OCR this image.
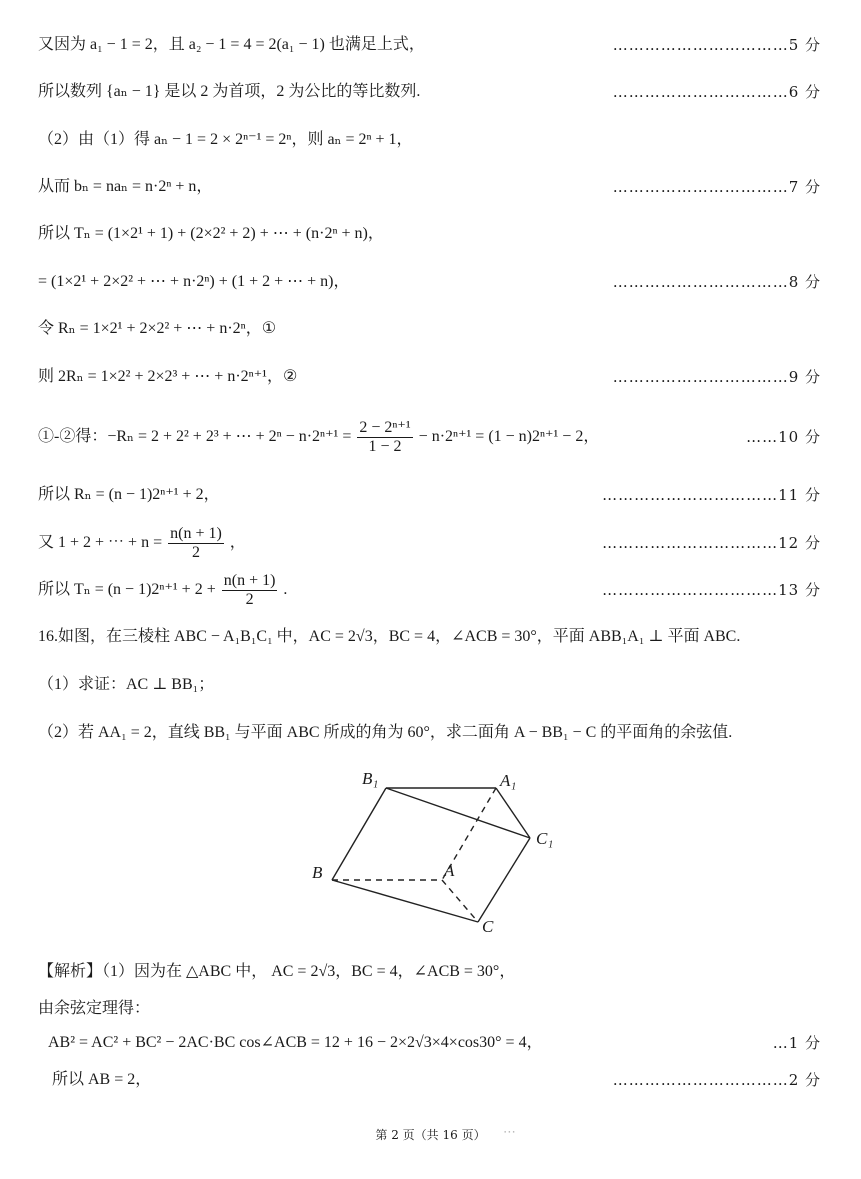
又因为 a₁ − 1 = 2，且 a₂ − 1 = 4 = 2(a₁ − 1) 也满足上式，	……………………………5 分
所以数列 {aₙ − 1} 是以 2 为首项，2 为公比的等比数列.	……………………………6 分
（2）由（1）得 aₙ − 1 = 2 × 2ⁿ⁻¹ = 2ⁿ，则 aₙ = 2ⁿ + 1，
从而 bₙ = naₙ = n·2ⁿ + n，	……………………………7 分
所以 Tₙ = (1×2¹ + 1) + (2×2² + 2) + ⋯ + (n·2ⁿ + n)，
= (1×2¹ + 2×2² + ⋯ + n·2ⁿ) + (1 + 2 + ⋯ + n)，	……………………………8 分
令 Rₙ = 1×2¹ + 2×2² + ⋯ + n·2ⁿ，①
则 2Rₙ = 1×2² + 2×2³ + ⋯ + n·2ⁿ⁺¹，②	……………………………9 分
①-②得：−Rₙ = 2 + 2² + 2³ + ⋯ + $2^n - n\cdot 2^{n+1} = \frac{\text{2 − 2ⁿ⁺¹}}{1 - 2} - n\cdot 2^{n+1} = (1 - n)2^{n+1} - 2$，	……10 分
所以 Rₙ = (n − 1)2ⁿ⁺¹ + 2，	……………………………11 分
又 1 + 2 + ⋯ + $n = \frac{n(n + 1)}{2}$ ，	……………………………12 分
所以 $T_n = (n - 1)2^{n+1} + 2 + \frac{n(n + 1)}{2}$ .	……………………………13 分
16.如图，在三棱柱 ABC − A₁B₁C₁ 中，AC = 2√3，BC = 4，∠ACB = 30°，平面 ABB₁A₁ ⊥ 平面 ABC.
（1）求证：AC ⊥ BB₁；
（2）若 AA₁ = 2，直线 BB₁ 与平面 ABC 所成的角为 60°，求二面角 A − BB₁ − C 的平面角的余弦值.
B₁	A₁
C₁
B	A
C
【解析】（1）因为在 △ABC 中， AC = 2√3，BC = 4，∠ACB = 30°，
由余弦定理得：
AB² = AC² + BC² − 2AC·BC cos∠ACB = 12 + 16 − 2×2√3×4×cos30° = 4，	…1 分
所以 AB = 2，	……………………………2 分
第 2 页（共 16 页）	⋯
